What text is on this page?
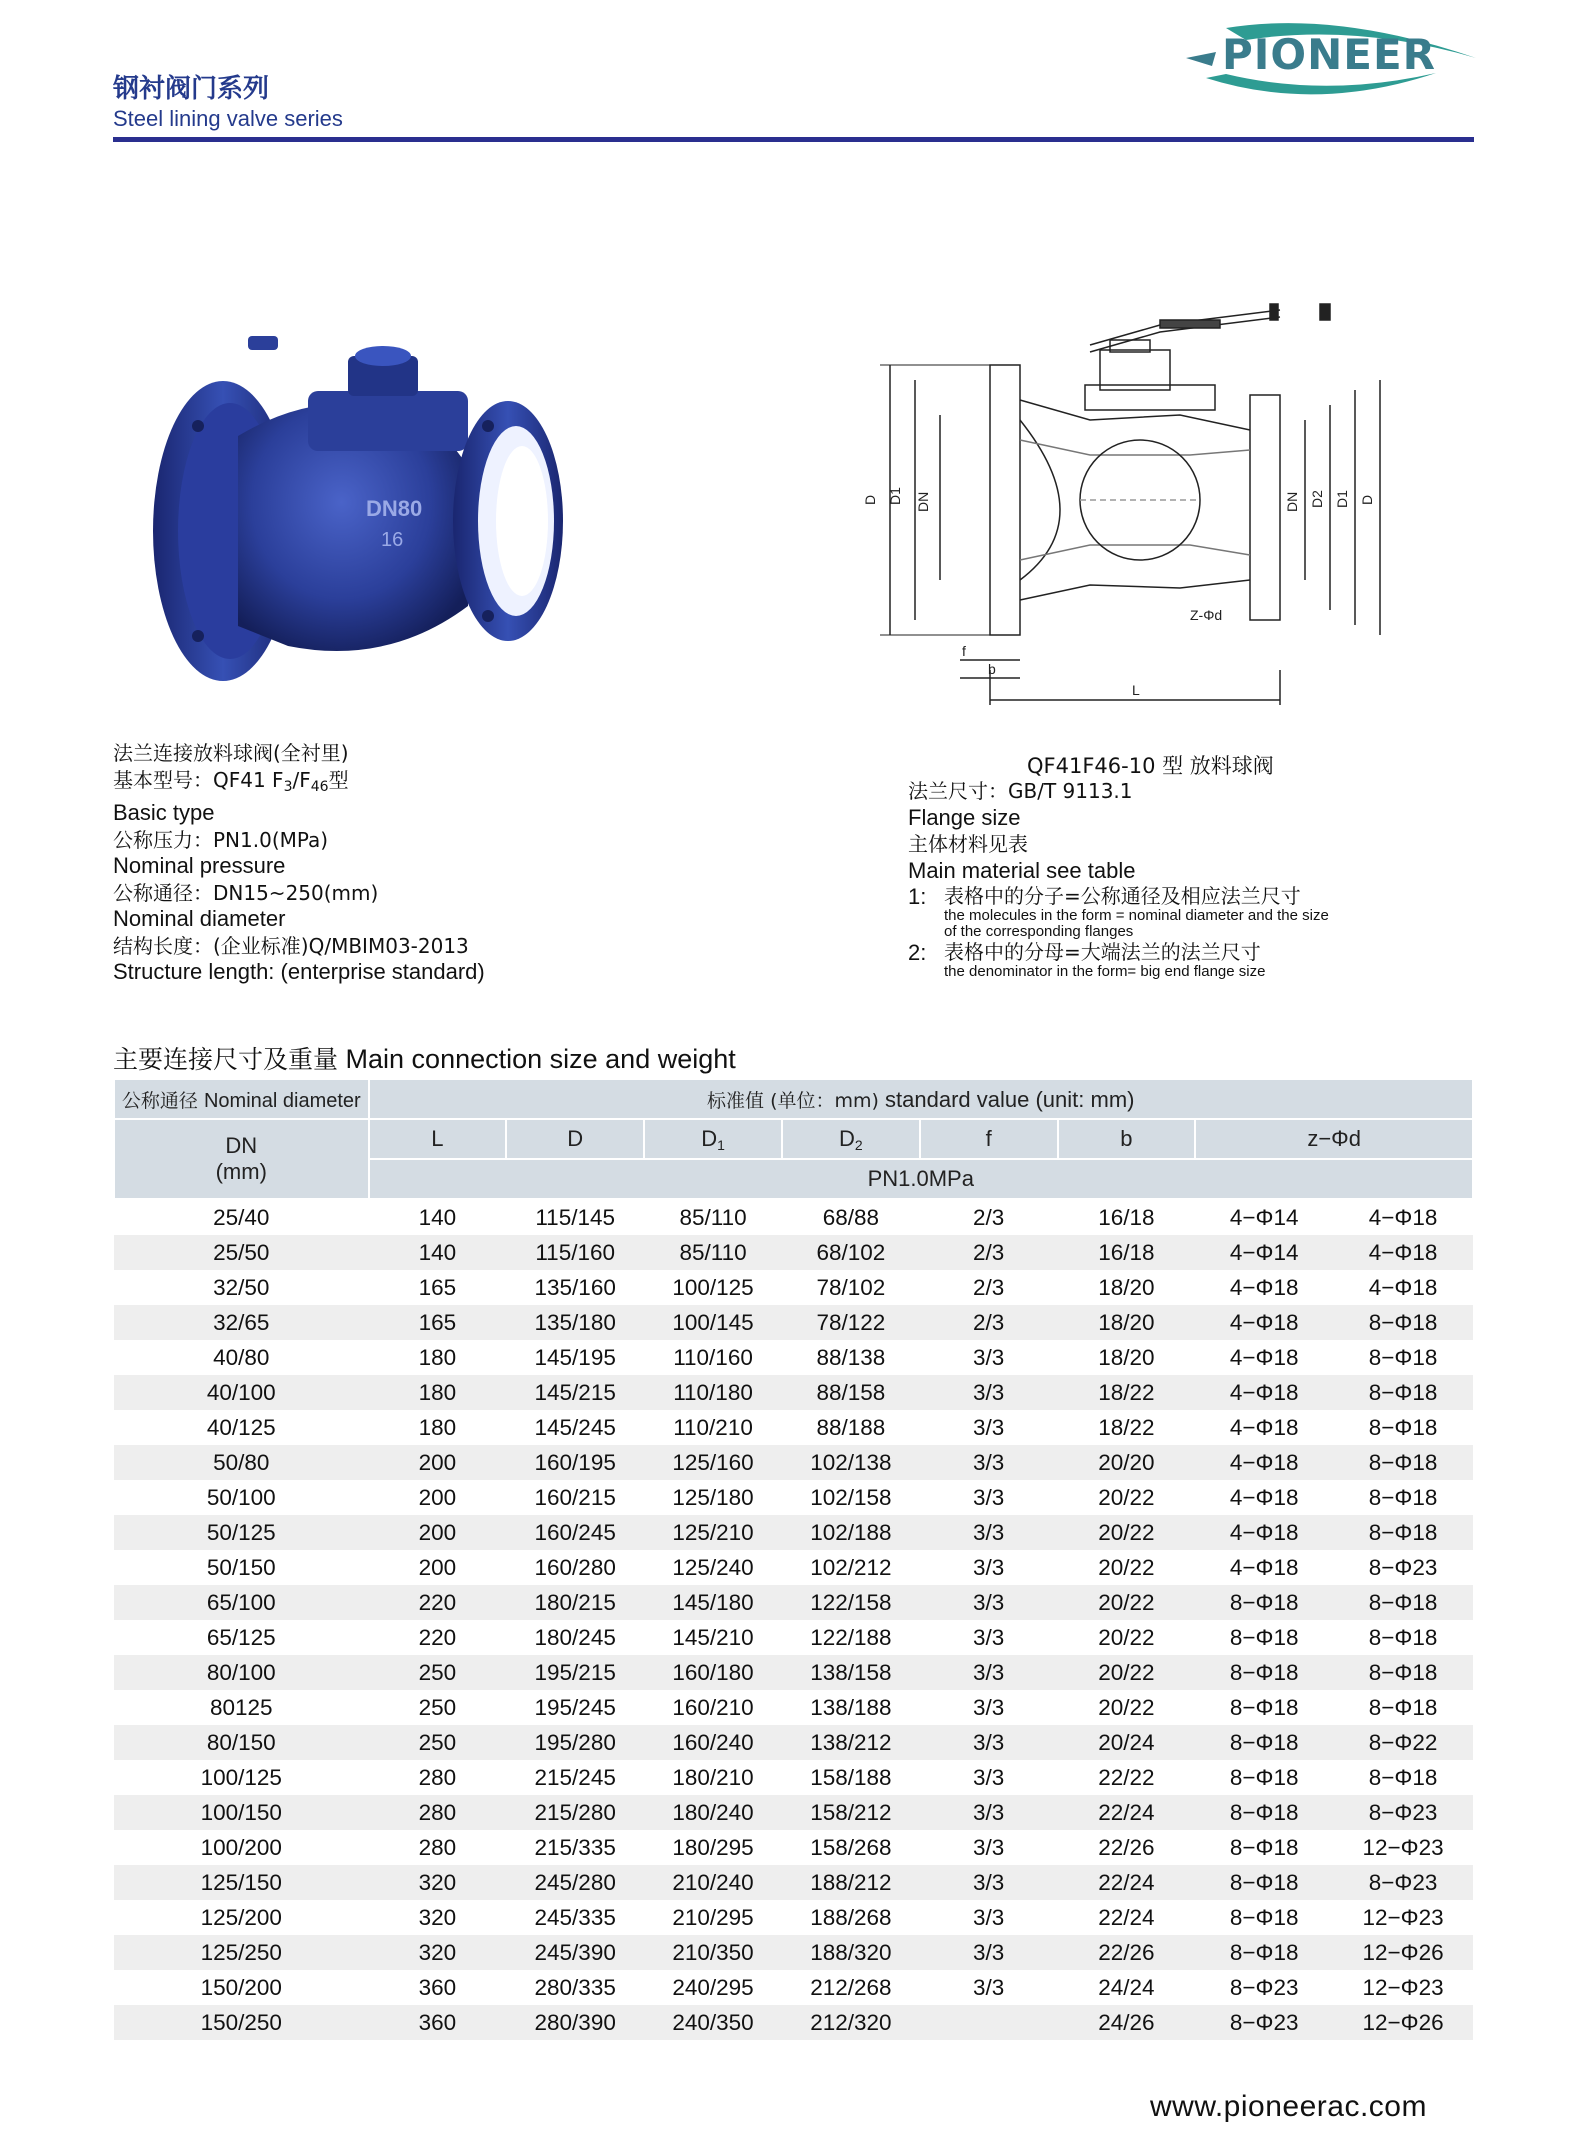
钢衬阀门系列
Steel lining valve series
PIONEER
DN80
16
D D1 DN	DN D2 D1 D
L
f
b
Z-Φd
法兰连接放料球阀(全衬里)
基本型号：QF41 $F_3/F_{46}$型
Basic type
公称压力：PN1.0(MPa)
Nominal pressure
公称通径：DN15~250(mm)
Nominal diameter
结构长度：(企业标准)Q/MBIM03-2013
Structure length: (enterprise standard)
QF41F46-10 型 放料球阀
法兰尺寸：GB/T 9113.1
Flange size
主体材料见表
Main material see table
1: 表格中的分子=公称通径及相应法兰尺寸
the molecules in the form = nominal diameter and the size of the corresponding flanges
2: 表格中的分母=大端法兰的法兰尺寸
the denominator in the form= big end flange size
主要连接尺寸及重量 Main connection size and weight
公称通径 Nominal diameter	标准值 (单位：mm) standard value (unit: mm)							

DN
(mm)	L	D	$D_1$	$D_2$	f	b	z−Φd	
	PN1.0MPa							
25/40	140	115/145	85/110	68/88	2/3	16/18	4−Φ14	4−Φ18
25/50	140	115/160	85/110	68/102	2/3	16/18	4−Φ14	4−Φ18
32/50	165	135/160	100/125	78/102	2/3	18/20	4−Φ18	4−Φ18
32/65	165	135/180	100/145	78/122	2/3	18/20	4−Φ18	8−Φ18
40/80	180	145/195	110/160	88/138	3/3	18/20	4−Φ18	8−Φ18
40/100	180	145/215	110/180	88/158	3/3	18/22	4−Φ18	8−Φ18
40/125	180	145/245	110/210	88/188	3/3	18/22	4−Φ18	8−Φ18
50/80	200	160/195	125/160	102/138	3/3	20/20	4−Φ18	8−Φ18
50/100	200	160/215	125/180	102/158	3/3	20/22	4−Φ18	8−Φ18
50/125	200	160/245	125/210	102/188	3/3	20/22	4−Φ18	8−Φ18
50/150	200	160/280	125/240	102/212	3/3	20/22	4−Φ18	8−Φ23
65/100	220	180/215	145/180	122/158	3/3	20/22	8−Φ18	8−Φ18
65/125	220	180/245	145/210	122/188	3/3	20/22	8−Φ18	8−Φ18
80/100	250	195/215	160/180	138/158	3/3	20/22	8−Φ18	8−Φ18
80125	250	195/245	160/210	138/188	3/3	20/22	8−Φ18	8−Φ18
80/150	250	195/280	160/240	138/212	3/3	20/24	8−Φ18	8−Φ22
100/125	280	215/245	180/210	158/188	3/3	22/22	8−Φ18	8−Φ18
100/150	280	215/280	180/240	158/212	3/3	22/24	8−Φ18	8−Φ23
100/200	280	215/335	180/295	158/268	3/3	22/26	8−Φ18	12−Φ23
125/150	320	245/280	210/240	188/212	3/3	22/24	8−Φ18	8−Φ23
125/200	320	245/335	210/295	188/268	3/3	22/24	8−Φ18	12−Φ23
125/250	320	245/390	210/350	188/320	3/3	22/26	8−Φ18	12−Φ26
150/200	360	280/335	240/295	212/268	3/3	24/24	8−Φ23	12−Φ23
150/250	360	280/390	240/350	212/320		24/26	8−Φ23	12−Φ26
www.pioneerac.com
